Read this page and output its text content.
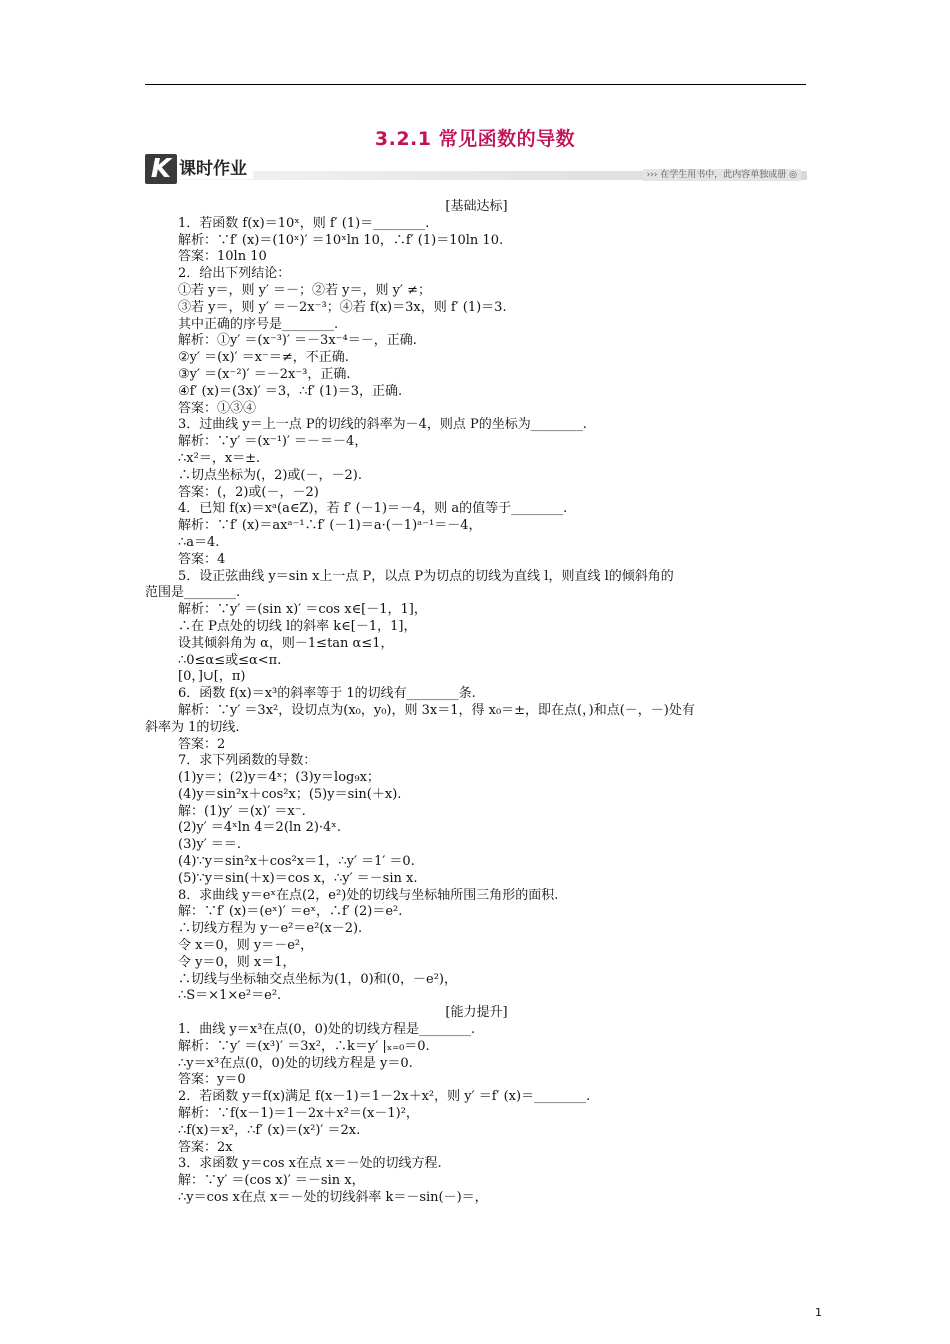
3.2.1 常见函数的导数
K 课时作业	››› 在学生用书中，此内容单独成册 ◎
[基础达标]
1．若函数 f(x)＝10ˣ，则 f′ (1)＝________.
解析：∵f′ (x)＝(10ˣ)′ ＝10ˣln 10，∴f′ (1)＝10ln 10.
答案：10ln 10
2．给出下列结论：
①若 y＝，则 y′ ＝－；②若 y＝，则 y′ ≠；
③若 y＝，则 y′ ＝－2x⁻³；④若 f(x)＝3x，则 f′ (1)＝3.
其中正确的序号是________.
解析：①y′ ＝(x⁻³)′ ＝－3x⁻⁴＝－，正确.
②y′ ＝(x)′ ＝x⁻＝≠，不正确.
③y′ ＝(x⁻²)′ ＝－2x⁻³，正确.
④f′ (x)＝(3x)′ ＝3，∴f′ (1)＝3，正确.
答案：①③④
3．过曲线 y＝上一点 P的切线的斜率为－4，则点 P的坐标为________.
解析：∵y′ ＝(x⁻¹)′ ＝－＝－4，
∴x²＝，x＝±.
∴切点坐标为(，2)或(－，－2).
答案：(，2)或(－，－2)
4．已知 f(x)＝xᵃ(a∈Z)，若 f′ (－1)＝－4，则 a的值等于________.
解析：∵f′ (x)＝axᵃ⁻¹∴f′ (－1)＝a·(－1)ᵃ⁻¹＝－4，
∴a＝4.
答案：4
5．设正弦曲线 y＝sin x上一点 P，以点 P为切点的切线为直线 l，则直线 l的倾斜角的
范围是________.
解析：∵y′ ＝(sin x)′ ＝cos x∈[－1，1]，
∴在 P点处的切线 l的斜率 k∈[－1，1]，
设其倾斜角为 α，则－1≤tan α≤1，
∴0≤α≤或≤α<π.
[0，]∪[，π)
6．函数 f(x)＝x³的斜率等于 1的切线有________条.
解析：∵y′ ＝3x²，设切点为(x₀，y₀)，则 3x＝1，得 x₀＝±，即在点(，)和点(－，－)处有
斜率为 1的切线.
答案：2
7．求下列函数的导数：
(1)y＝；(2)y＝4ˣ；(3)y＝log₉x；
(4)y＝sin²x＋cos²x；(5)y＝sin(＋x).
解：(1)y′ ＝(x)′ ＝x⁻.
(2)y′ ＝4ˣln 4＝2(ln 2)·4ˣ.
(3)y′ ＝＝.
(4)∵y＝sin²x＋cos²x＝1，∴y′ ＝1′ ＝0.
(5)∵y＝sin(＋x)＝cos x，∴y′ ＝－sin x.
8．求曲线 y＝eˣ在点(2，e²)处的切线与坐标轴所围三角形的面积.
解：∵f′ (x)＝(eˣ)′ ＝eˣ，∴f′ (2)＝e².
∴切线方程为 y－e²＝e²(x－2).
令 x＝0，则 y＝－e²，
令 y＝0，则 x＝1，
∴切线与坐标轴交点坐标为(1，0)和(0，－e²)，
∴S＝×1×e²＝e².
[能力提升]
1．曲线 y＝x³在点(0，0)处的切线方程是________.
解析：∵y′ ＝(x³)′ ＝3x²，∴k＝y′ |ₓ₌₀＝0.
∴y＝x³在点(0，0)处的切线方程是 y＝0.
答案：y＝0
2．若函数 y＝f(x)满足 f(x－1)＝1－2x＋x²，则 y′ ＝f′ (x)＝________.
解析：∵f(x－1)＝1－2x＋x²＝(x－1)²，
∴f(x)＝x²，∴f′ (x)＝(x²)′ ＝2x.
答案：2x
3．求函数 y＝cos x在点 x＝－处的切线方程.
解：∵y′ ＝(cos x)′ ＝－sin x，
∴y＝cos x在点 x＝－处的切线斜率 k＝－sin(－)＝，
1
